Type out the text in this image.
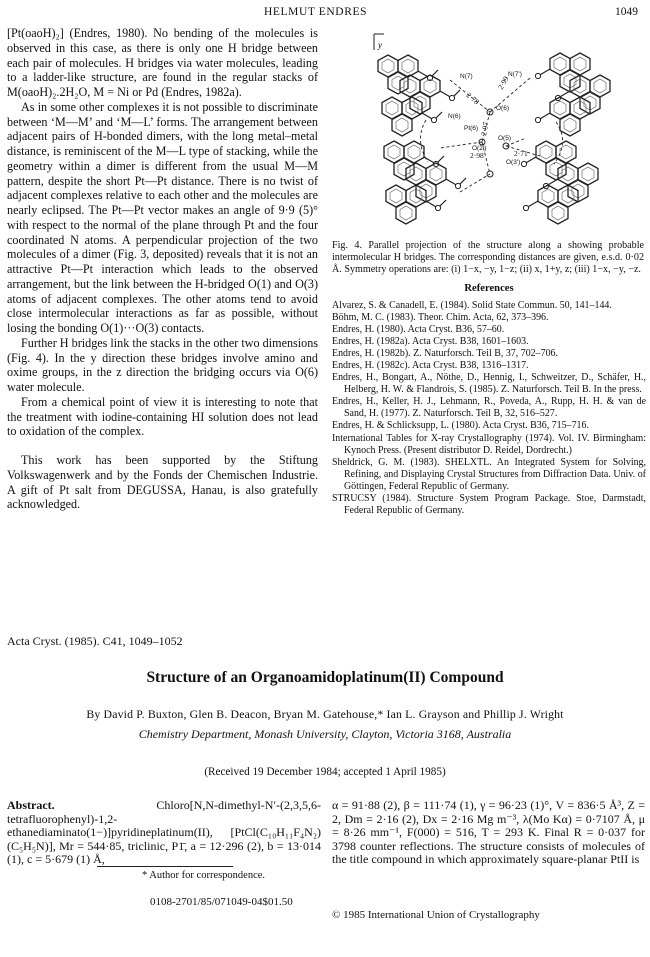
HELMUT ENDRES	1049

[Pt(oaoH)₂] (Endres, 1980). No bending of the molecules is observed in this case, as there is only one H bridge between each pair of molecules. H bridges via water molecules, leading to a ladder-like structure, are found in the regular stacks of M(oaoH)₂.2H₂O, M = Ni or Pd (Endres, 1982a).

As in some other complexes it is not possible to discriminate between ‘M—M’ and ‘M—L’ forms. The arrangement between adjacent pairs of H-bonded dimers, with the long metal–metal distance, is reminiscent of the M—L type of stacking, while the geometry within a dimer is different from the usual M—M pattern, despite the short Pt—Pt distance. There is no twist of adjacent complexes relative to each other and the molecules are nearly eclipsed. The Pt—Pt vector makes an angle of 9·9 (5)° with respect to the normal of the plane through Pt and the four coordinated N atoms. A perpendicular projection of the two molecules of a dimer (Fig. 3, deposited) reveals that it is not an attractive Pt—Pt interaction which leads to the observed arrangement, but the link between the H-bridged O(1) and O(3) atoms of adjacent complexes. The other atoms tend to avoid close intermolecular interactions as far as possible, without losing the bonding O(1)···O(3) contacts.

Further H bridges link the stacks in the other two dimensions (Fig. 4). In the y direction these bridges involve amino and oxime groups, in the z direction the bridging occurs via O(6) water molecule.

From a chemical point of view it is interesting to note that the treatment with iodine-containing HI solution does not lead to oxidation of the complex.

This work has been supported by the Stiftung Volkswagenwerk and by the Fonds der Chemischen Industrie. A gift of Pt salt from DEGUSSA, Hanau, is also gratefully acknowledged.

y
N(7)	N(7')
O(6)
N(6)
O(5)
O(2')
O(3')
Pt(6)
2·78
2·99
2·97
2·98	2·71
Fig. 4. Parallel projection of the structure along a showing probable intermolecular H bridges. The corresponding distances are given, e.s.d. 0·02 Å. Symmetry operations are: (i) 1−x, −y, 1−z; (ii) x, 1+y, z; (iii) 1−x, −y, −z.
References
Alvarez, S. & Canadell, E. (1984). Solid State Commun. 50, 141–144.
Böhm, M. C. (1983). Theor. Chim. Acta, 62, 373–396.
Endres, H. (1980). Acta Cryst. B36, 57–60.
Endres, H. (1982a). Acta Cryst. B38, 1601–1603.
Endres, H. (1982b). Z. Naturforsch. Teil B, 37, 702–706.
Endres, H. (1982c). Acta Cryst. B38, 1316–1317.
Endres, H., Bongart, A., Nöthe, D., Hennig, I., Schweitzer, D., Schäfer, H., Helberg, H. W. & Flandrois, S. (1985). Z. Naturforsch. Teil B. In the press.
Endres, H., Keller, H. J., Lehmann, R., Poveda, A., Rupp, H. H. & van de Sand, H. (1977). Z. Naturforsch. Teil B, 32, 516–527.
Endres, H. & Schlicksupp, L. (1980). Acta Cryst. B36, 715–716.
International Tables for X-ray Crystallography (1974). Vol. IV. Birmingham: Kynoch Press. (Present distributor D. Reidel, Dordrecht.)
Sheldrick, G. M. (1983). SHELXTL. An Integrated System for Solving, Refining, and Displaying Crystal Structures from Diffraction Data. Univ. of Göttingen, Federal Republic of Germany.
STRUCSY (1984). Structure System Program Package. Stoe, Darmstadt, Federal Republic of Germany.
Acta Cryst. (1985). C41, 1049–1052
Structure of an Organoamidoplatinum(II) Compound
By David P. Buxton, Glen B. Deacon, Bryan M. Gatehouse,* Ian L. Grayson and Phillip J. Wright
Chemistry Department, Monash University, Clayton, Victoria 3168, Australia
(Received 19 December 1984; accepted 1 April 1985)
Abstract.	Chloro[N,N-dimethyl-N′-(2,3,5,6-tetrafluorophenyl)-1,2-ethanediaminato(1−)]pyridineplatinum(II), [PtCl(C₁₀H₁₁F₄N₂)(C₅H₅N)], Mr = 544·85, triclinic, P1̄, a = 12·296 (2), b = 13·014 (1), c = 5·679 (1) Å,
α = 91·88 (2), β = 111·74 (1), γ = 96·23 (1)°, V = 836·5 Å³, Z = 2, Dm = 2·16 (2), Dx = 2·16 Mg m⁻³, λ(Mo Kα) = 0·7107 Å, μ = 8·26 mm⁻¹, F(000) = 516, T = 293 K. Final R = 0·037 for 3798 counter reflections. The structure consists of molecules of the title compound in which approximately square-planar PtII is
* Author for correspondence.
0108-2701/85/071049-04$01.50
© 1985 International Union of Crystallography
